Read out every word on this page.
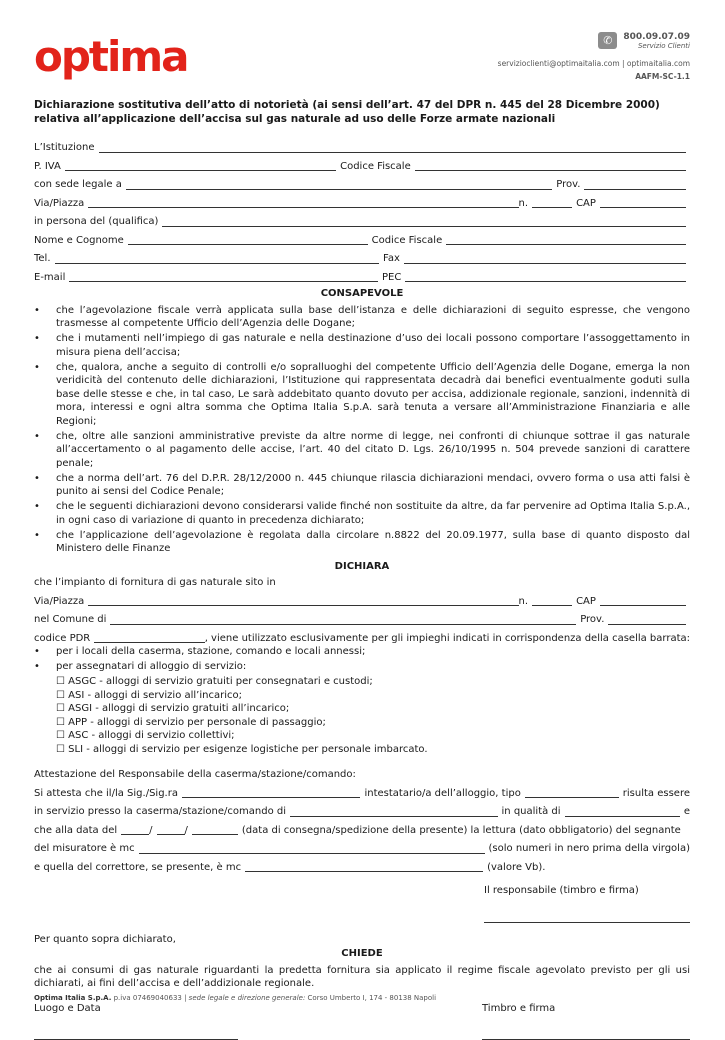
optima	✆	800.09.07.09
Servizio Clienti
servizioclienti@optimaitalia.com | optimaitalia.com
AAFM-SC-1.1
Dichiarazione sostitutiva dell’atto di notorietà (ai sensi dell’art. 47 del DPR n. 445 del 28 Dicembre 2000) relativa all’applicazione dell’accisa sul gas naturale ad uso delle Forze armate nazionali
L’Istituzione
P. IVA	Codice Fiscale
con sede legale a	Prov.
Via/Piazza	n.	CAP
in persona del (qualifica)
Nome e Cognome	Codice Fiscale
Tel.	Fax
E-mail	PEC
CONSAPEVOLE
• che l’agevolazione fiscale verrà applicata sulla base dell’istanza e delle dichiarazioni di seguito espresse, che vengono trasmesse al competente Ufficio dell’Agenzia delle Dogane;
• che i mutamenti nell’impiego di gas naturale e nella destinazione d’uso dei locali possono comportare l’assoggettamento in misura piena dell’accisa;
• che, qualora, anche a seguito di controlli e/o sopralluoghi del competente Ufficio dell’Agenzia delle Dogane, emerga la non veridicità del contenuto delle dichiarazioni, l’Istituzione qui rappresentata decadrà dai benefici eventualmente goduti sulla base delle stesse e che, in tal caso, Le sarà addebitato quanto dovuto per accisa, addizionale regionale, sanzioni, indennità di mora, interessi e ogni altra somma che Optima Italia S.p.A. sarà tenuta a versare all’Amministrazione Finanziaria e alle Regioni;
• che, oltre alle sanzioni amministrative previste da altre norme di legge, nei confronti di chiunque sottrae il gas naturale all’accertamento o al pagamento delle accise, l’art. 40 del citato D. Lgs. 26/10/1995 n. 504 prevede sanzioni di carattere penale;
• che a norma dell’art. 76 del D.P.R. 28/12/2000 n. 445 chiunque rilascia dichiarazioni mendaci, ovvero forma o usa atti falsi è punito ai sensi del Codice Penale;
• che le seguenti dichiarazioni devono considerarsi valide finché non sostituite da altre, da far pervenire ad Optima Italia S.p.A., in ogni caso di variazione di quanto in precedenza dichiarato;
• che l’applicazione dell’agevolazione è regolata dalla circolare n.8822 del 20.09.1977, sulla base di quanto disposto dal Ministero delle Finanze
DICHIARA
che l’impianto di fornitura di gas naturale sito in
Via/Piazza	n.	CAP
nel Comune di	Prov.
codice PDR	, viene utilizzato esclusivamente per gli impieghi indicati in corrispondenza della casella barrata:
• per i locali della caserma, stazione, comando e locali annessi;
• per assegnatari di alloggio di servizio:
☐ ASGC - alloggi di servizio gratuiti per consegnatari e custodi;
☐ ASI - alloggi di servizio all’incarico;
☐ ASGI - alloggi di servizio gratuiti all’incarico;
☐ APP - alloggi di servizio per personale di passaggio;
☐ ASC - alloggi di servizio collettivi;
☐ SLI - alloggi di servizio per esigenze logistiche per personale imbarcato.
Attestazione del Responsabile della caserma/stazione/comando:
Si attesta che il/la Sig./Sig.ra	intestatario/a dell’alloggio, tipo	risulta essere
in servizio presso la caserma/stazione/comando di	in qualità di	e
che alla data del	/	/	(data di consegna/spedizione della presente) la lettura (dato obbligatorio) del segnante
del misuratore è mc	(solo numeri in nero prima della virgola)
e quella del correttore, se presente, è mc	(valore Vb).
Il responsabile (timbro e firma)
Per quanto sopra dichiarato,
CHIEDE
che ai consumi di gas naturale riguardanti la predetta fornitura sia applicato il regime fiscale agevolato previsto per gli usi dichiarati, ai fini dell’accisa e dell’addizionale regionale.
Luogo e Data	Timbro e firma
Optima Italia S.p.A. p.iva 07469040633 | sede legale e direzione generale: Corso Umberto I, 174 - 80138 Napoli
